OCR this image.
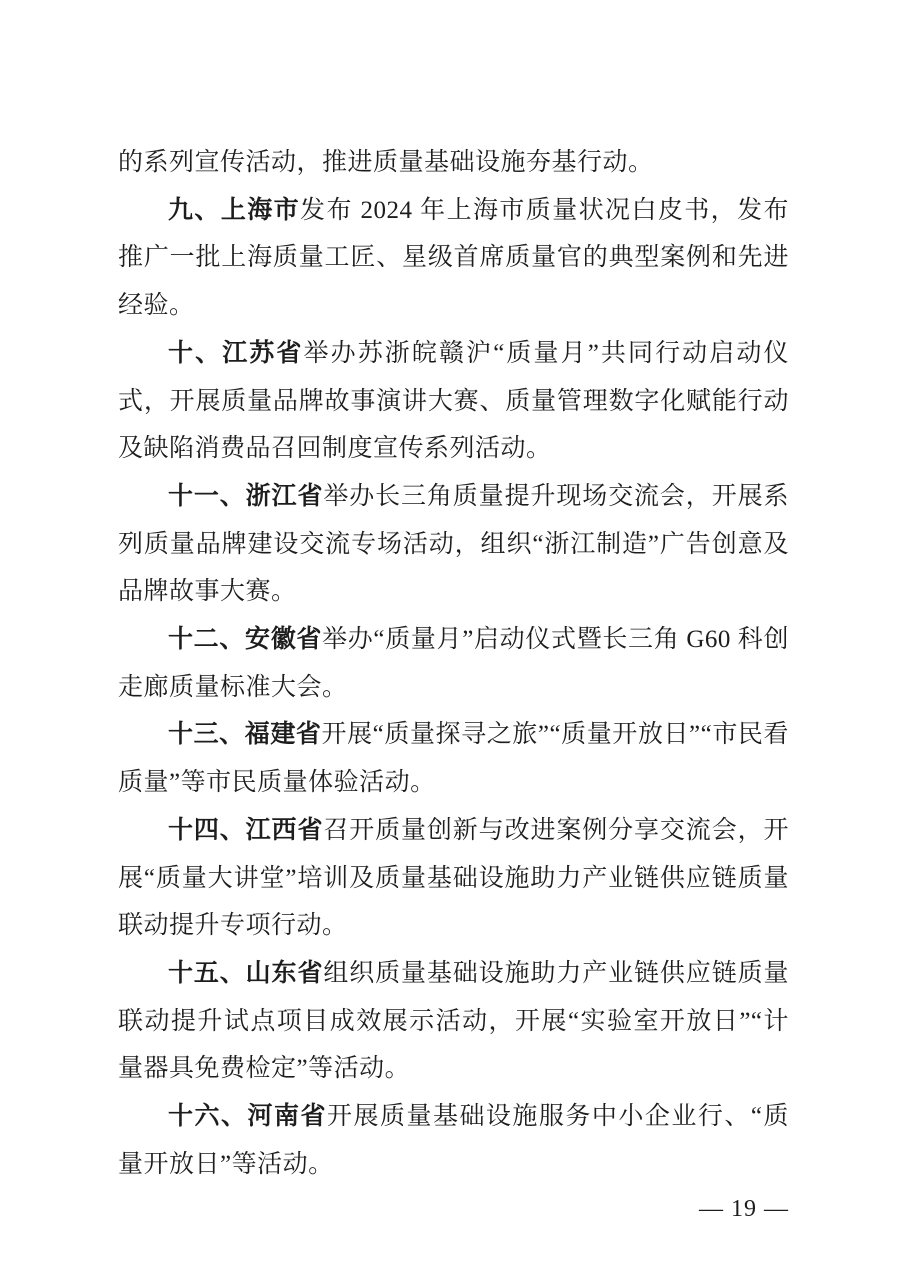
的系列宣传活动，推进质量基础设施夯基行动。

九、上海市发布 2024 年上海市质量状况白皮书，发布推广一批上海质量工匠、星级首席质量官的典型案例和先进经验。

十、江苏省举办苏浙皖赣沪“质量月”共同行动启动仪式，开展质量品牌故事演讲大赛、质量管理数字化赋能行动及缺陷消费品召回制度宣传系列活动。

十一、浙江省举办长三角质量提升现场交流会，开展系列质量品牌建设交流专场活动，组织“浙江制造”广告创意及品牌故事大赛。

十二、安徽省举办“质量月”启动仪式暨长三角 G60 科创走廊质量标准大会。

十三、福建省开展“质量探寻之旅”“质量开放日”“市民看质量”等市民质量体验活动。

十四、江西省召开质量创新与改进案例分享交流会，开展“质量大讲堂”培训及质量基础设施助力产业链供应链质量联动提升专项行动。

十五、山东省组织质量基础设施助力产业链供应链质量联动提升试点项目成效展示活动，开展“实验室开放日”“计量器具免费检定”等活动。

十六、河南省开展质量基础设施服务中小企业行、“质量开放日”等活动。

— 19 —
